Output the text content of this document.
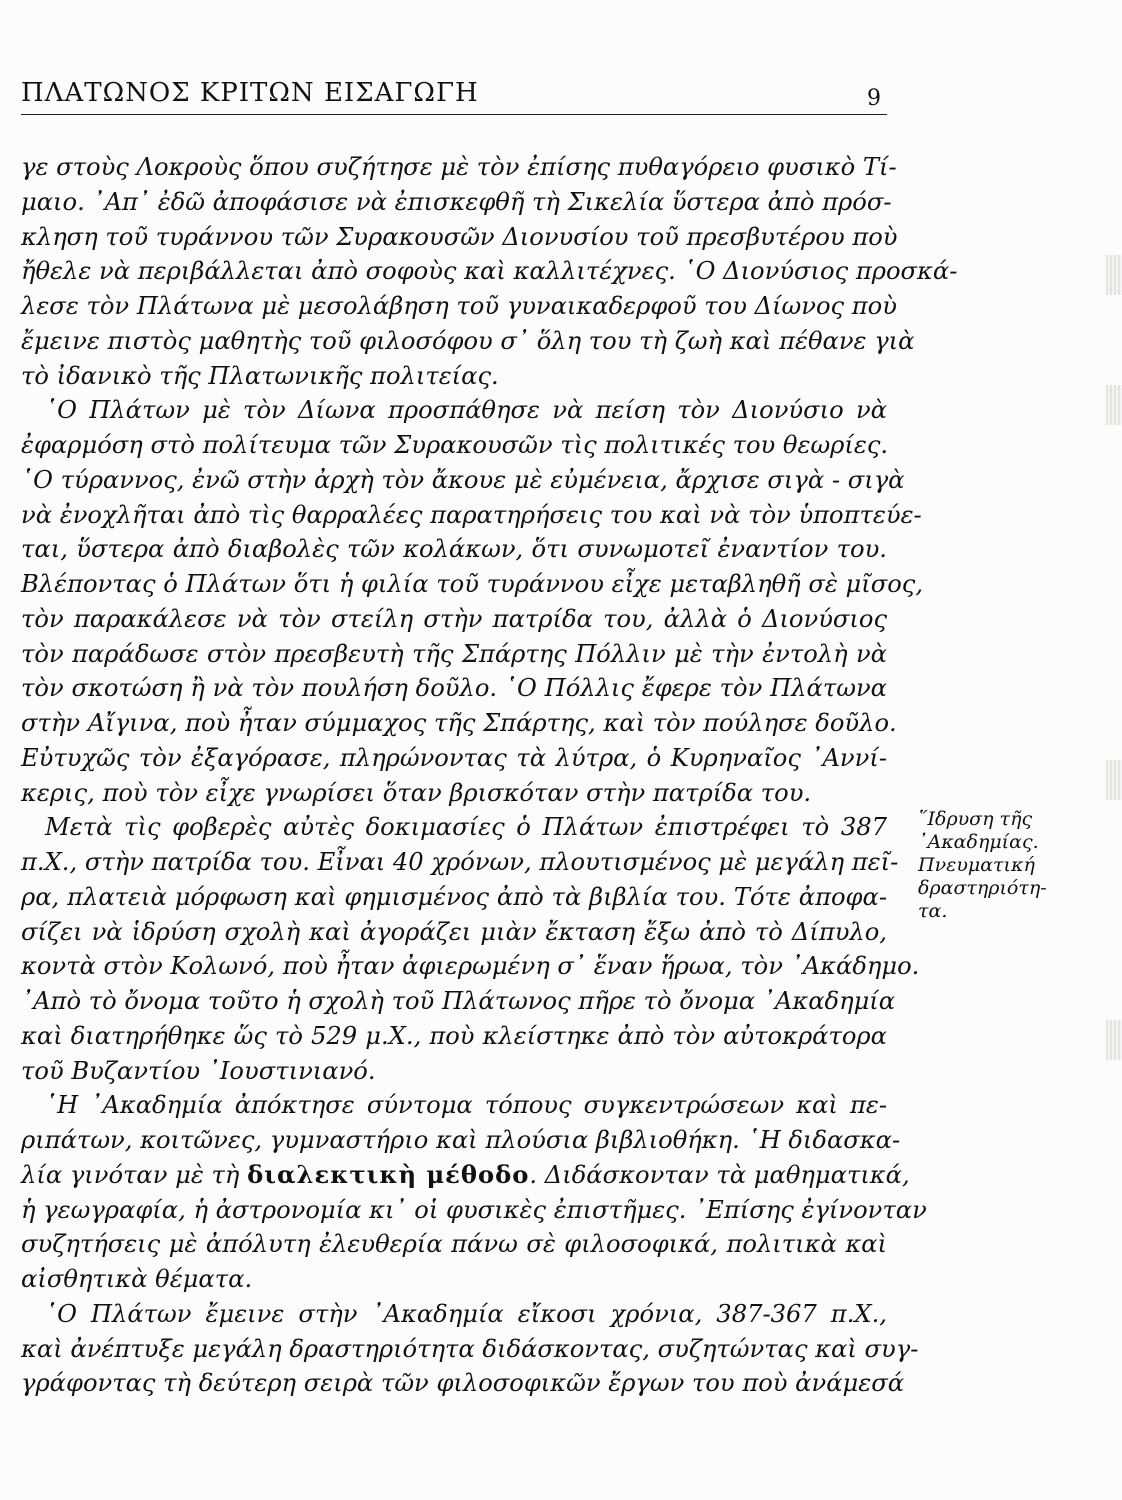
ΠΛΑΤΩΝΟΣ ΚΡΙΤΩΝ ΕΙΣΑΓΩΓΗ	9
γε στοὺς Λοκροὺς ὅπου συζήτησε μὲ τὸν ἐπίσης πυθαγόρειο φυσικὸ Τί-
μαιο. ᾿Απ᾿ ἐδῶ ἀποφάσισε νὰ ἐπισκεφθῆ τὴ Σικελία ὕστερα ἀπὸ πρόσ-
κληση τοῦ τυράννου τῶν Συρακουσῶν Διονυσίου τοῦ πρεσβυτέρου ποὺ
ἤθελε νὰ περιβάλλεται ἀπὸ σοφοὺς καὶ καλλιτέχνες. ῾Ο Διονύσιος προσκά-
λεσε τὸν Πλάτωνα μὲ μεσολάβηση τοῦ γυναικαδερφοῦ του Δίωνος ποὺ
ἔμεινε πιστὸς μαθητὴς τοῦ φιλοσόφου σ᾿ ὅλη του τὴ ζωὴ καὶ πέθανε γιὰ
τὸ ἰδανικὸ τῆς Πλατωνικῆς πολιτείας.
῾Ο Πλάτων μὲ τὸν Δίωνα προσπάθησε νὰ πείση τὸν Διονύσιο νὰ
ἐφαρμόση στὸ πολίτευμα τῶν Συρακουσῶν τὶς πολιτικές του θεωρίες.
῾Ο τύραννος, ἐνῶ στὴν ἀρχὴ τὸν ἄκουε μὲ εὐμένεια, ἄρχισε σιγὰ - σιγὰ
νὰ ἐνοχλῆται ἀπὸ τὶς θαρραλέες παρατηρήσεις του καὶ νὰ τὸν ὑποπτεύε-
ται, ὕστερα ἀπὸ διαβολὲς τῶν κολάκων, ὅτι συνωμοτεῖ ἐναντίον του.
Βλέποντας ὁ Πλάτων ὅτι ἡ φιλία τοῦ τυράννου εἶχε μεταβληθῆ σὲ μῖσος,
τὸν παρακάλεσε νὰ τὸν στείλη στὴν πατρίδα του, ἀλλὰ ὁ Διονύσιος
τὸν παράδωσε στὸν πρεσβευτὴ τῆς Σπάρτης Πόλλιν μὲ τὴν ἐντολὴ νὰ
τὸν σκοτώση ἢ νὰ τὸν πουλήση δοῦλο. ῾Ο Πόλλις ἔφερε τὸν Πλάτωνα
στὴν Αἴγινα, ποὺ ἦταν σύμμαχος τῆς Σπάρτης, καὶ τὸν πούλησε δοῦλο.
Εὐτυχῶς τὸν ἐξαγόρασε, πληρώνοντας τὰ λύτρα, ὁ Κυρηναῖος ᾿Αννί-
κερις, ποὺ τὸν εἶχε γνωρίσει ὅταν βρισκόταν στὴν πατρίδα του.
Μετὰ τὶς φοβερὲς αὐτὲς δοκιμασίες ὁ Πλάτων ἐπιστρέφει τὸ 387
π.Χ., στὴν πατρίδα του. Εἶναι 40 χρόνων, πλουτισμένος μὲ μεγάλη πεῖ-
ρα, πλατειὰ μόρφωση καὶ φημισμένος ἀπὸ τὰ βιβλία του. Τότε ἀποφα-
σίζει νὰ ἱδρύση σχολὴ καὶ ἀγοράζει μιὰν ἔκταση ἔξω ἀπὸ τὸ Δίπυλο,
κοντὰ στὸν Κολωνό, ποὺ ἦταν ἀφιερωμένη σ᾿ ἕναν ἥρωα, τὸν ᾿Ακάδημο.
᾿Απὸ τὸ ὄνομα τοῦτο ἡ σχολὴ τοῦ Πλάτωνος πῆρε τὸ ὄνομα ᾿Ακαδημία
καὶ διατηρήθηκε ὥς τὸ 529 μ.Χ., ποὺ κλείστηκε ἀπὸ τὸν αὐτοκράτορα
τοῦ Βυζαντίου ᾿Ιουστινιανό.
῾Η ᾿Ακαδημία ἀπόκτησε σύντομα τόπους συγκεντρώσεων καὶ πε-
ριπάτων, κοιτῶνες, γυμναστήριο καὶ πλούσια βιβλιοθήκη. ῾Η διδασκα-
λία γινόταν μὲ τὴ διαλεκτικὴ μέθοδο. Διδάσκονταν τὰ μαθηματικά,
ἡ γεωγραφία, ἡ ἀστρονομία κι᾿ οἱ φυσικὲς ἐπιστῆμες. ᾿Επίσης ἐγίνονταν
συζητήσεις μὲ ἀπόλυτη ἐλευθερία πάνω σὲ φιλοσοφικά, πολιτικὰ καὶ
αἰσθητικὰ θέματα.
῾Ο Πλάτων ἔμεινε στὴν ᾿Ακαδημία εἴκοσι χρόνια, 387-367 π.Χ.,
καὶ ἀνέπτυξε μεγάλη δραστηριότητα διδάσκοντας, συζητώντας καὶ συγ-
γράφοντας τὴ δεύτερη σειρὰ τῶν φιλοσοφικῶν ἔργων του ποὺ ἀνάμεσά
῞Ιδρυση τῆς
᾿Ακαδημίας.
Πνευματική
δραστηριότη-
τα.
